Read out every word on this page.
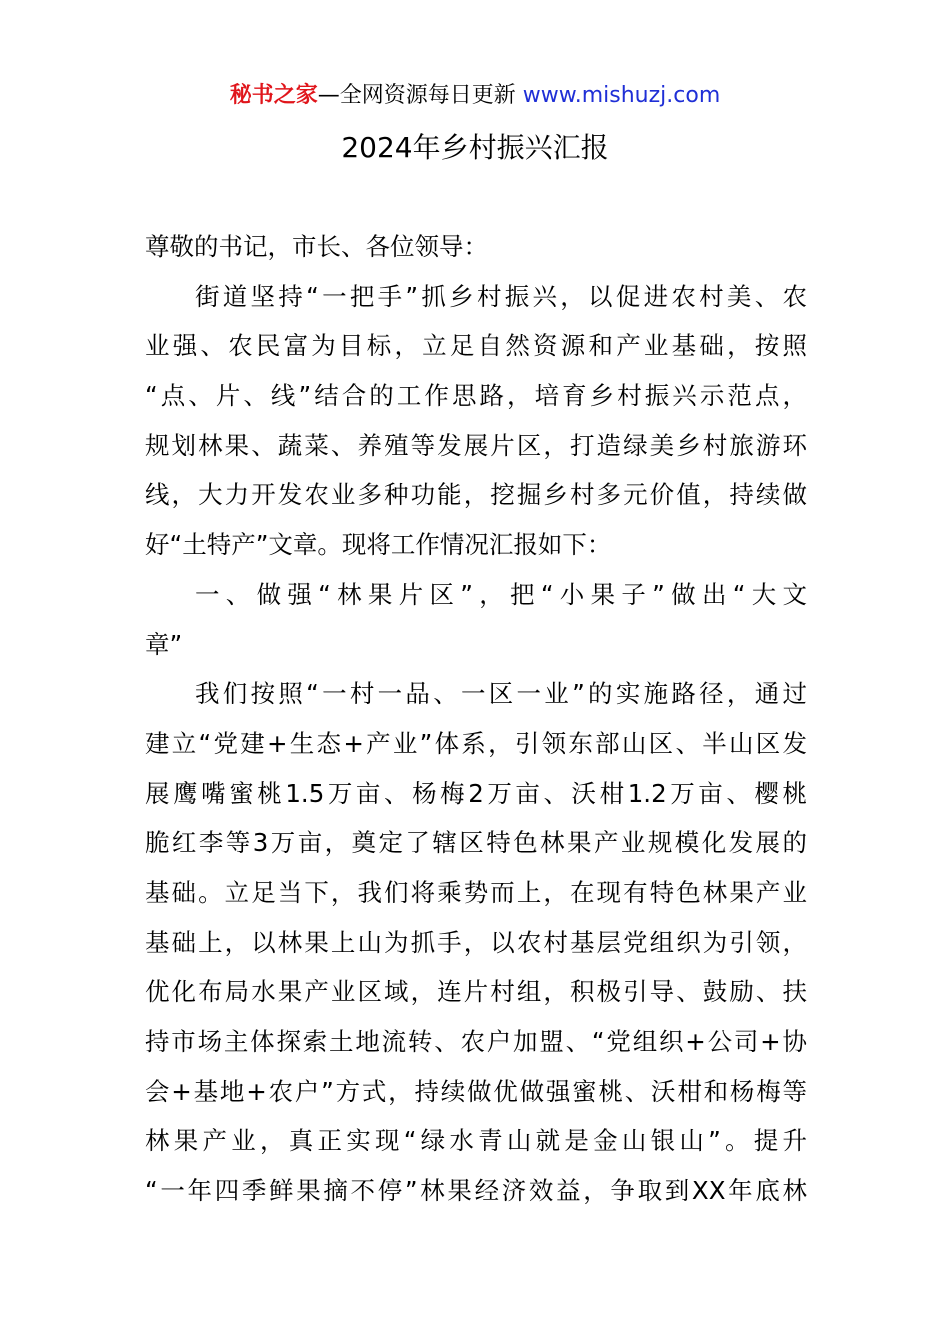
秘书之家—全网资源每日更新 www.mishuzj.com
2024年乡村振兴汇报
尊敬的书记，市长、各位领导：
街道坚持“一把手”抓乡村振兴，以促进农村美、农
业强、农民富为目标，立足自然资源和产业基础，按照
“点、片、线”结合的工作思路，培育乡村振兴示范点，
规划林果、蔬菜、养殖等发展片区，打造绿美乡村旅游环
线，大力开发农业多种功能，挖掘乡村多元价值，持续做
好“土特产”文章。现将工作情况汇报如下：
一、做强“林果片区”，把“小果子”做出“大文
章”
我们按照“一村一品、一区一业”的实施路径，通过
建立“党建+生态+产业”体系，引领东部山区、半山区发
展鹰嘴蜜桃1.5万亩、杨梅2万亩、沃柑1.2万亩、樱桃
脆红李等3万亩，奠定了辖区特色林果产业规模化发展的
基础。立足当下，我们将乘势而上，在现有特色林果产业
基础上，以林果上山为抓手，以农村基层党组织为引领，
优化布局水果产业区域，连片村组，积极引导、鼓励、扶
持市场主体探索土地流转、农户加盟、“党组织+公司+协
会+基地+农户”方式，持续做优做强蜜桃、沃柑和杨梅等
林果产业，真正实现“绿水青山就是金山银山”。提升
“一年四季鲜果摘不停”林果经济效益，争取到XX年底林
